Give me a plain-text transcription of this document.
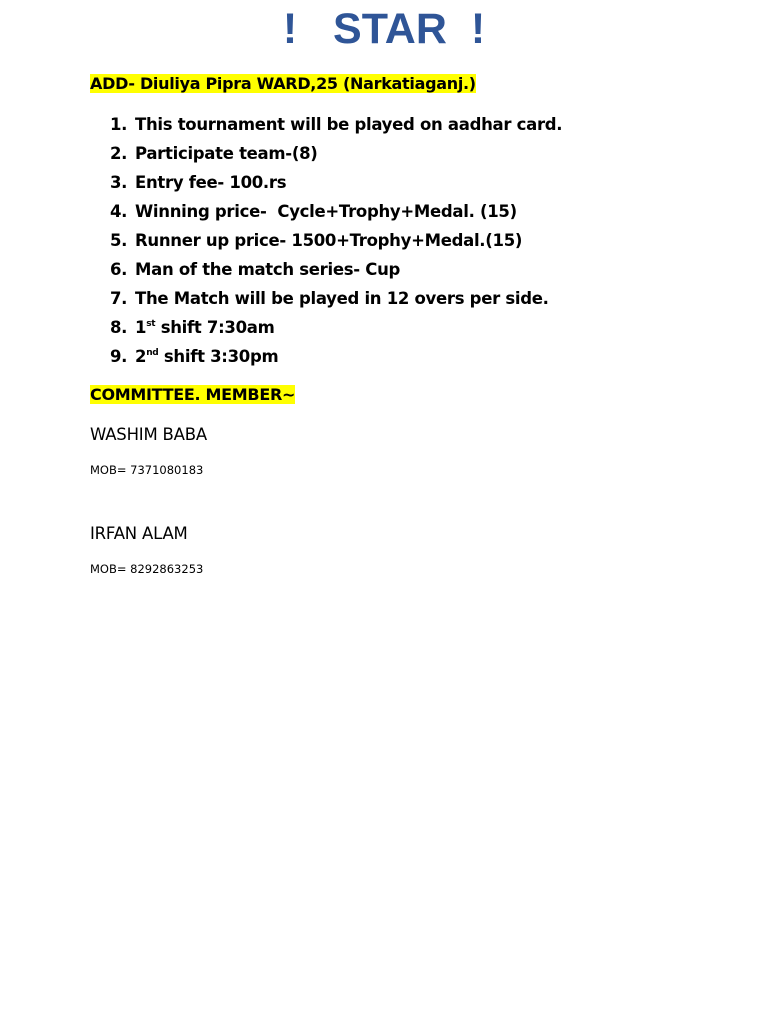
! STAR !
ADD- Diuliya Pipra WARD,25 (Narkatiaganj.)
1. This tournament will be played on aadhar card.
2. Participate team-(8)
3. Entry fee- 100.rs
4. Winning price-  Cycle+Trophy+Medal. (15)
5. Runner up price- 1500+Trophy+Medal.(15)
6. Man of the match series- Cup
7. The Match will be played in 12 overs per side.
8. 1st shift 7:30am
9. 2nd shift 3:30pm
COMMITTEE. MEMBER~
WASHIM BABA
MOB= 7371080183
IRFAN ALAM
MOB= 8292863253
